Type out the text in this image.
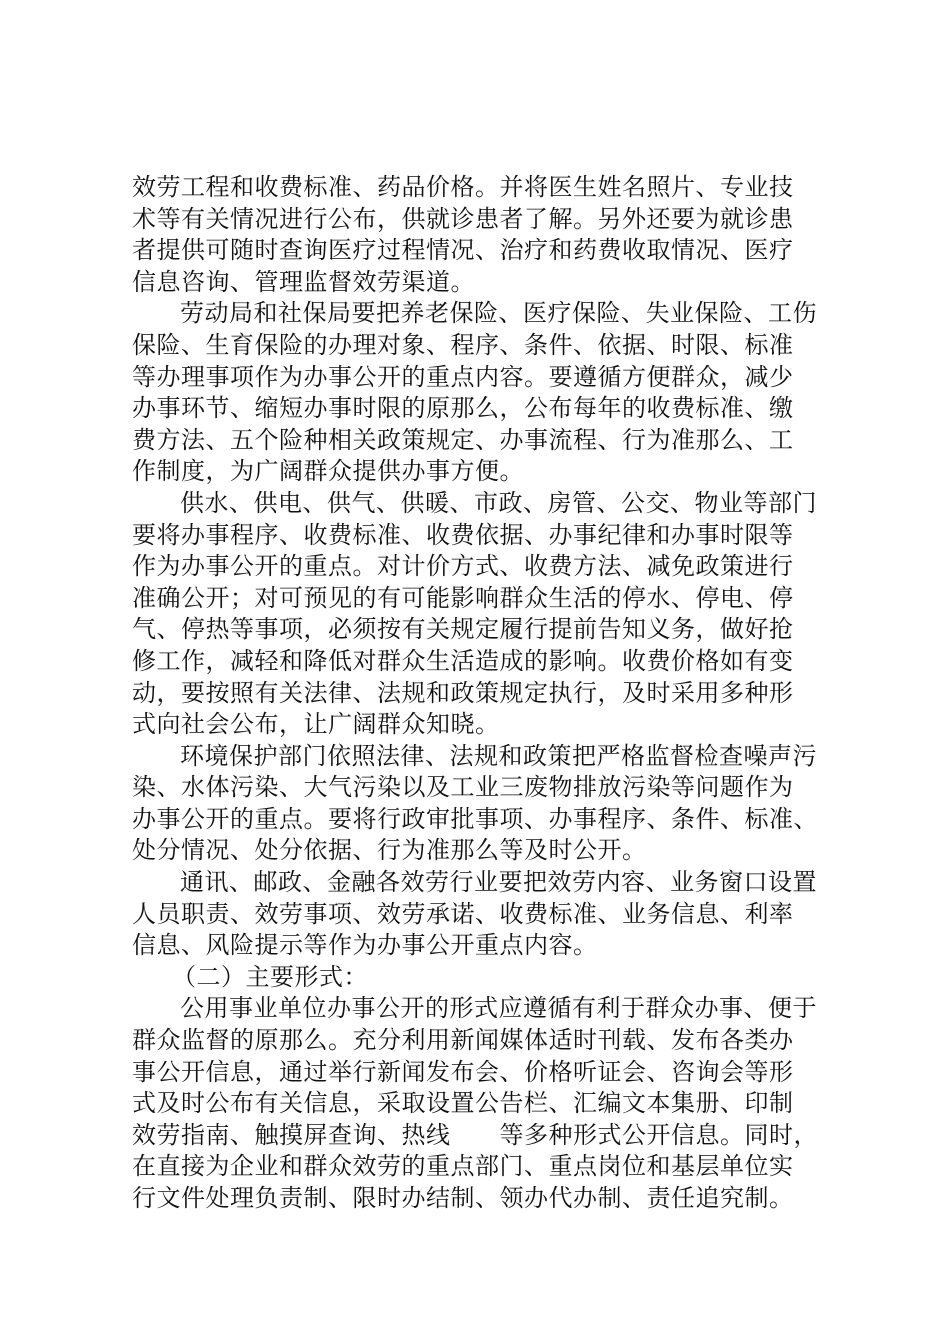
效劳工程和收费标准、药品价格。并将医生姓名照片、专业技
术等有关情况进行公布，供就诊患者了解。另外还要为就诊患
者提供可随时查询医疗过程情况、治疗和药费收取情况、医疗
信息咨询、管理监督效劳渠道。
劳动局和社保局要把养老保险、医疗保险、失业保险、工伤
保险、生育保险的办理对象、程序、条件、依据、时限、标准
等办理事项作为办事公开的重点内容。要遵循方便群众，减少
办事环节、缩短办事时限的原那么，公布每年的收费标准、缴
费方法、五个险种相关政策规定、办事流程、行为准那么、工
作制度，为广阔群众提供办事方便。
供水、供电、供气、供暖、市政、房管、公交、物业等部门
要将办事程序、收费标准、收费依据、办事纪律和办事时限等
作为办事公开的重点。对计价方式、收费方法、减免政策进行
准确公开；对可预见的有可能影响群众生活的停水、停电、停
气、停热等事项，必须按有关规定履行提前告知义务，做好抢
修工作，减轻和降低对群众生活造成的影响。收费价格如有变
动，要按照有关法律、法规和政策规定执行，及时采用多种形
式向社会公布，让广阔群众知晓。
环境保护部门依照法律、法规和政策把严格监督检查噪声污
染、水体污染、大气污染以及工业三废物排放污染等问题作为
办事公开的重点。要将行政审批事项、办事程序、条件、标准、
处分情况、处分依据、行为准那么等及时公开。
通讯、邮政、金融各效劳行业要把效劳内容、业务窗口设置
人员职责、效劳事项、效劳承诺、收费标准、业务信息、利率
信息、风险提示等作为办事公开重点内容。
（二）主要形式：
公用事业单位办事公开的形式应遵循有利于群众办事、便于
群众监督的原那么。充分利用新闻媒体适时刊载、发布各类办
事公开信息，通过举行新闻发布会、价格听证会、咨询会等形
式及时公布有关信息，采取设置公告栏、汇编文本集册、印制
效劳指南、触摸屏查询、热线　　等多种形式公开信息。同时，
在直接为企业和群众效劳的重点部门、重点岗位和基层单位实
行文件处理负责制、限时办结制、领办代办制、责任追究制。
